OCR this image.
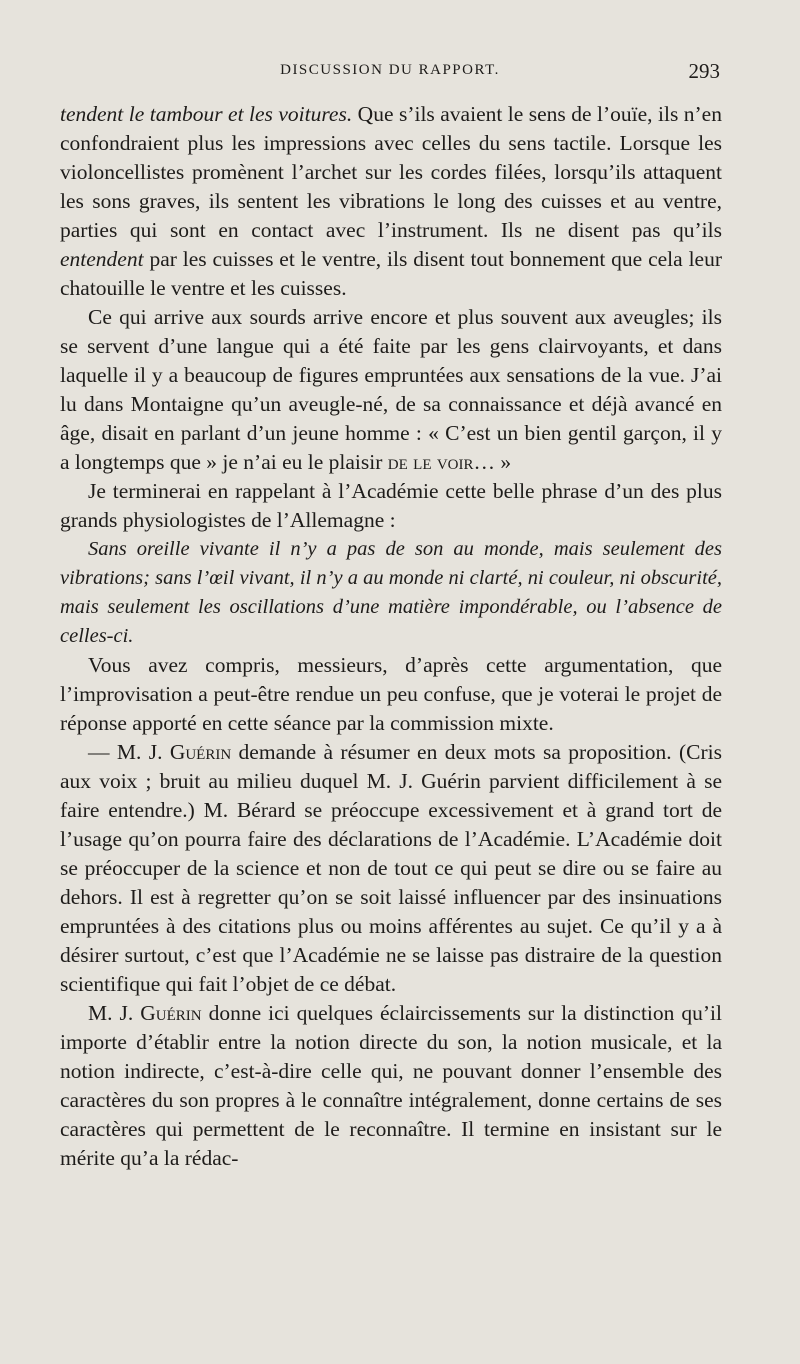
DISCUSSION DU RAPPORT.	293

tendent le tambour et les voitures. Que s’ils avaient le sens de l’ouïe, ils n’en confondraient plus les impressions avec celles du sens tactile. Lorsque les violoncellistes promènent l’archet sur les cordes filées, lorsqu’ils attaquent les sons graves, ils sentent les vibrations le long des cuisses et au ventre, parties qui sont en contact avec l’instrument. Ils ne disent pas qu’ils entendent par les cuisses et le ventre, ils disent tout bonnement que cela leur chatouille le ventre et les cuisses.

Ce qui arrive aux sourds arrive encore et plus souvent aux aveugles; ils se servent d’une langue qui a été faite par les gens clairvoyants, et dans laquelle il y a beaucoup de figures empruntées aux sensations de la vue. J’ai lu dans Montaigne qu’un aveugle-né, de sa connaissance et déjà avancé en âge, disait en parlant d’un jeune homme : « C’est un bien gentil garçon, il y a longtemps que » je n’ai eu le plaisir de le voir… »

Je terminerai en rappelant à l’Académie cette belle phrase d’un des plus grands physiologistes de l’Allemagne :

Sans oreille vivante il n’y a pas de son au monde, mais seulement des vibrations; sans l’œil vivant, il n’y a au monde ni clarté, ni couleur, ni obscurité, mais seulement les oscillations d’une matière impondérable, ou l’absence de celles-ci.

Vous avez compris, messieurs, d’après cette argumentation, que l’improvisation a peut-être rendue un peu confuse, que je voterai le projet de réponse apporté en cette séance par la commission mixte.

— M. J. Guérin demande à résumer en deux mots sa proposition. (Cris aux voix ; bruit au milieu duquel M. J. Guérin parvient difficilement à se faire entendre.) M. Bérard se préoccupe excessivement et à grand tort de l’usage qu’on pourra faire des déclarations de l’Académie. L’Académie doit se préoccuper de la science et non de tout ce qui peut se dire ou se faire au dehors. Il est à regretter qu’on se soit laissé influencer par des insinuations empruntées à des citations plus ou moins afférentes au sujet. Ce qu’il y a à désirer surtout, c’est que l’Académie ne se laisse pas distraire de la question scientifique qui fait l’objet de ce débat.

M. J. Guérin donne ici quelques éclaircissements sur la distinction qu’il importe d’établir entre la notion directe du son, la notion musicale, et la notion indirecte, c’est-à-dire celle qui, ne pouvant donner l’ensemble des caractères du son propres à le connaître intégralement, donne certains de ses caractères qui permettent de le reconnaître. Il termine en insistant sur le mérite qu’a la rédac-
